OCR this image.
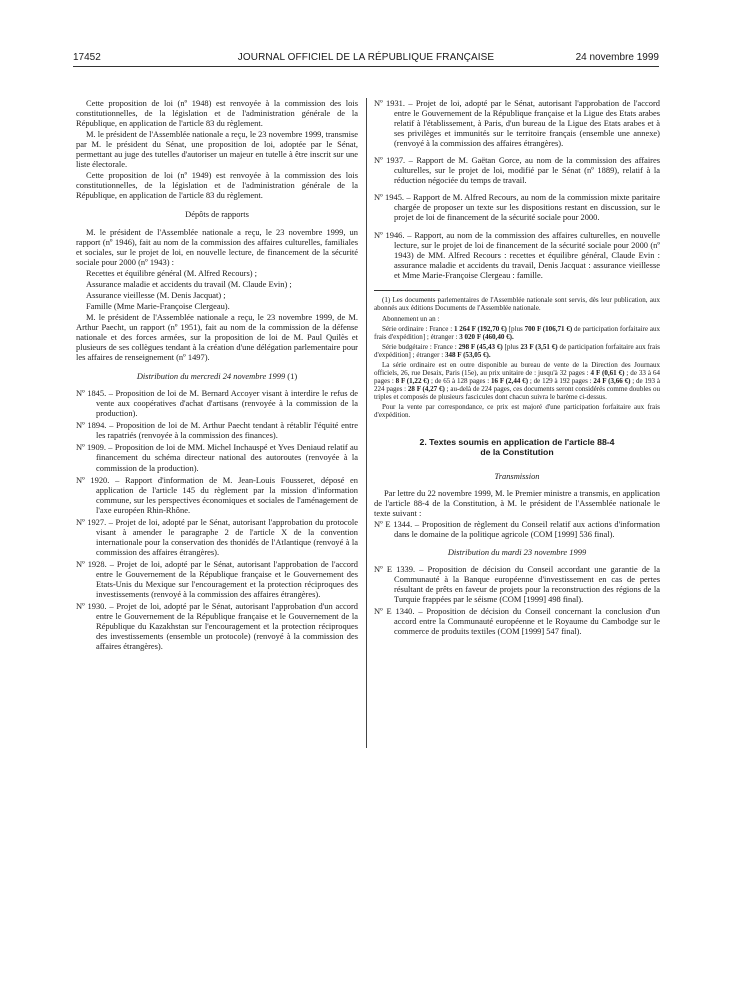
17452	JOURNAL OFFICIEL DE LA RÉPUBLIQUE FRANÇAISE	24 novembre 1999

Cette proposition de loi (nº 1948) est renvoyée à la commission des lois constitutionnelles, de la législation et de l'administration générale de la République, en application de l'article 83 du règlement.

M. le président de l'Assemblée nationale a reçu, le 23 novembre 1999, transmise par M. le président du Sénat, une proposition de loi, adoptée par le Sénat, permettant au juge des tutelles d'autoriser un majeur en tutelle à être inscrit sur une liste électorale.

Cette proposition de loi (nº 1949) est renvoyée à la commission des lois constitutionnelles, de la législation et de l'administration générale de la République, en application de l'article 83 du règlement.

Dépôts de rapports

M. le président de l'Assemblée nationale a reçu, le 23 novembre 1999, un rapport (nº 1946), fait au nom de la commission des affaires culturelles, familiales et sociales, sur le projet de loi, en nouvelle lecture, de financement de la sécurité sociale pour 2000 (nº 1943) :

Recettes et équilibre général (M. Alfred Recours) ;

Assurance maladie et accidents du travail (M. Claude Evin) ;

Assurance vieillesse (M. Denis Jacquat) ;

Famille (Mme Marie-Françoise Clergeau).

M. le président de l'Assemblée nationale a reçu, le 23 novembre 1999, de M. Arthur Paecht, un rapport (nº 1951), fait au nom de la commission de la défense nationale et des forces armées, sur la proposition de loi de M. Paul Quilès et plusieurs de ses collègues tendant à la création d'une délégation parlementaire pour les affaires de renseignement (nº 1497).

Distribution du mercredi 24 novembre 1999 (1)

Nº 1845. – Proposition de loi de M. Bernard Accoyer visant à interdire le refus de vente aux coopératives d'achat d'artisans (renvoyée à la commission de la production).

Nº 1894. – Proposition de loi de M. Arthur Paecht tendant à rétablir l'équité entre les rapatriés (renvoyée à la commission des finances).

Nº 1909. – Proposition de loi de MM. Michel Inchauspé et Yves Deniaud relatif au financement du schéma directeur national des autoroutes (renvoyée à la commission de la production).

Nº 1920. – Rapport d'information de M. Jean-Louis Fousseret, déposé en application de l'article 145 du règlement par la mission d'information commune, sur les perspectives économiques et sociales de l'aménagement de l'axe européen Rhin-Rhône.

Nº 1927. – Projet de loi, adopté par le Sénat, autorisant l'approbation du protocole visant à amender le paragraphe 2 de l'article X de la convention internationale pour la conservation des thonidés de l'Atlantique (renvoyé à la commission des affaires étrangères).

Nº 1928. – Projet de loi, adopté par le Sénat, autorisant l'approbation de l'accord entre le Gouvernement de la République française et le Gouvernement des Etats-Unis du Mexique sur l'encouragement et la protection réciproques des investissements (renvoyé à la commission des affaires étrangères).

Nº 1930. – Projet de loi, adopté par le Sénat, autorisant l'approbation d'un accord entre le Gouvernement de la République française et le Gouvernement de la République du Kazakhstan sur l'encouragement et la protection réciproques des investissements (ensemble un protocole) (renvoyé à la commission des affaires étrangères).

Nº 1931. – Projet de loi, adopté par le Sénat, autorisant l'approbation de l'accord entre le Gouvernement de la République française et la Ligue des Etats arabes relatif à l'établissement, à Paris, d'un bureau de la Ligue des Etats arabes et à ses privilèges et immunités sur le territoire français (ensemble une annexe) (renvoyé à la commission des affaires étrangères).

Nº 1937. – Rapport de M. Gaëtan Gorce, au nom de la commission des affaires culturelles, sur le projet de loi, modifié par le Sénat (nº 1889), relatif à la réduction négociée du temps de travail.

Nº 1945. – Rapport de M. Alfred Recours, au nom de la commission mixte paritaire chargée de proposer un texte sur les dispositions restant en discussion, sur le projet de loi de financement de la sécurité sociale pour 2000.

Nº 1946. – Rapport, au nom de la commission des affaires culturelles, en nouvelle lecture, sur le projet de loi de financement de la sécurité sociale pour 2000 (nº 1943) de MM. Alfred Recours : recettes et équilibre général, Claude Evin : assurance maladie et accidents du travail, Denis Jacquat : assurance vieillesse et Mme Marie-Françoise Clergeau : famille.

(1) Les documents parlementaires de l'Assemblée nationale sont servis, dès leur publication, aux abonnés aux éditions Documents de l'Assemblée nationale.

Abonnement un an :

Série ordinaire : France : 1 264 F (192,70 €) [plus 700 F (106,71 €) de participation forfaitaire aux frais d'expédition] ; étranger : 3 020 F (460,40 €).

Série budgétaire : France : 298 F (45,43 €) [plus 23 F (3,51 €) de participation forfaitaire aux frais d'expédition] ; étranger : 348 F (53,05 €).

La série ordinaire est en outre disponible au bureau de vente de la Direction des Journaux officiels, 26, rue Desaix, Paris (15e), au prix unitaire de : jusqu'à 32 pages : 4 F (0,61 €) ; de 33 à 64 pages : 8 F (1,22 €) ; de 65 à 128 pages : 16 F (2,44 €) ; de 129 à 192 pages : 24 F (3,66 €) ; de 193 à 224 pages : 28 F (4,27 €) ; au-delà de 224 pages, ces documents seront considérés comme doubles ou triples et composés de plusieurs fascicules dont chacun suivra le barème ci-dessus.

Pour la vente par correspondance, ce prix est majoré d'une participation forfaitaire aux frais d'expédition.

2. Textes soumis en application de l'article 88-4
de la Constitution

Transmission

Par lettre du 22 novembre 1999, M. le Premier ministre a transmis, en application de l'article 88-4 de la Constitution, à M. le président de l'Assemblée nationale le texte suivant :

Nº E 1344. – Proposition de règlement du Conseil relatif aux actions d'information dans le domaine de la politique agricole (COM [1999] 536 final).

Distribution du mardi 23 novembre 1999

Nº E 1339. – Proposition de décision du Conseil accordant une garantie de la Communauté à la Banque européenne d'investissement en cas de pertes résultant de prêts en faveur de projets pour la reconstruction des régions de la Turquie frappées par le séisme (COM [1999] 498 final).

Nº E 1340. – Proposition de décision du Conseil concernant la conclusion d'un accord entre la Communauté européenne et le Royaume du Cambodge sur le commerce de produits textiles (COM [1999] 547 final).
